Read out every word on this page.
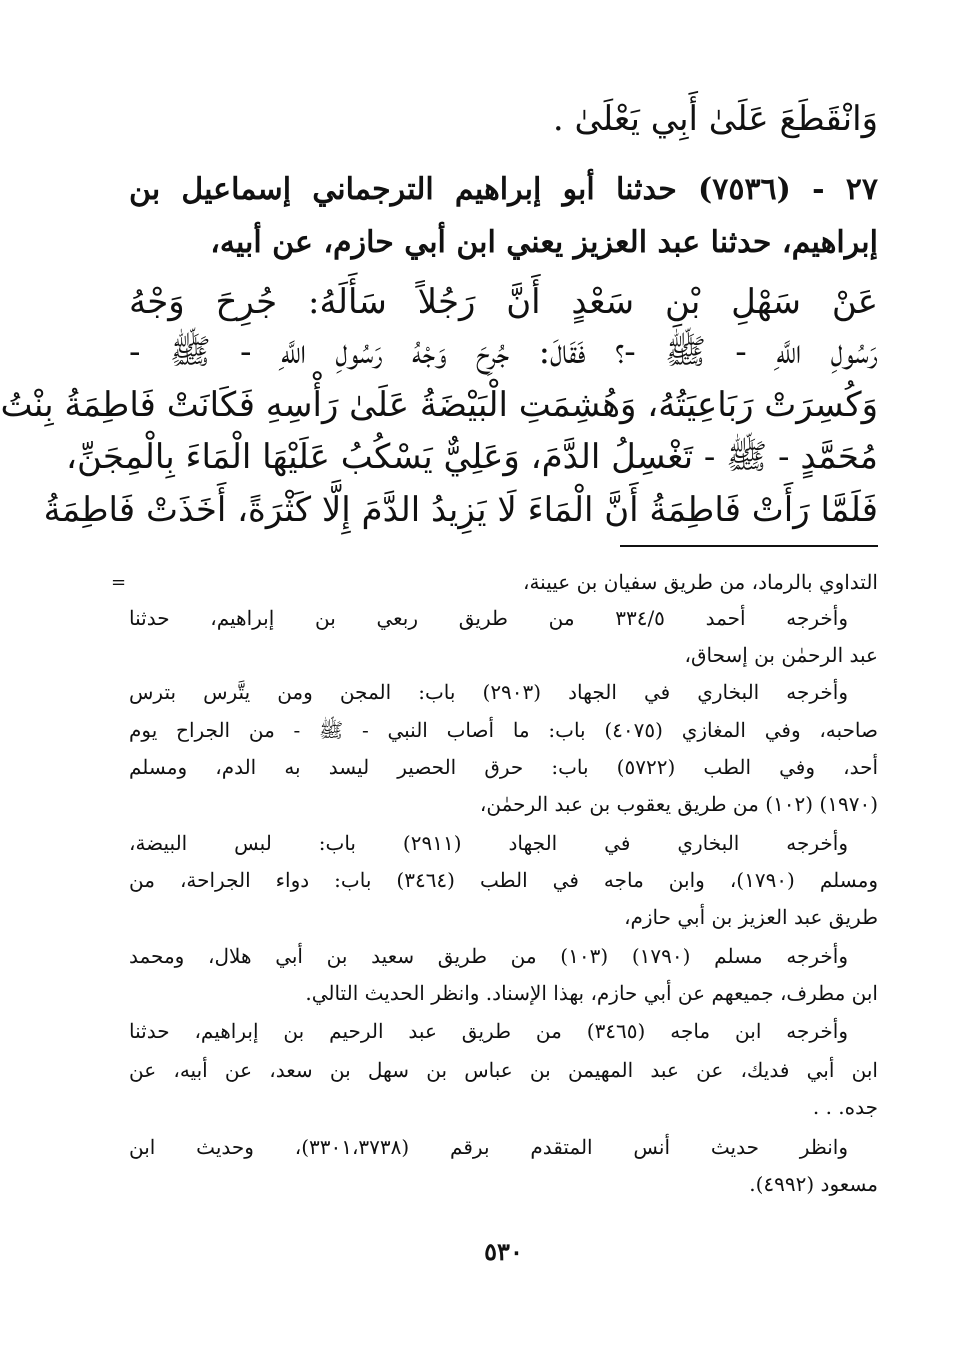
وَانْقَطَعَ عَلَىٰ أَبِي يَعْلَىٰ .
٢٧ - (٧٥٣٦) حدثنا أبو إبراهيم الترجماني إسماعيل بن
إبراهيم، حدثنا عبد العزيز يعني ابن أبي حازم، عن أبيه،
عَنْ سَهْلِ بْنِ سَعْدٍ أَنَّ رَجُلاً سَأَلَهُ: جُرِحَ وَجْهُ
رَسُولِ اللَّهِ - ﷺ -؟ فَقَالَ: جُرِحَ وَجْهُ رَسُولِ اللَّهِ - ﷺ -
وَكُسِرَتْ رَبَاعِيَتُهُ، وَهُشِمَتِ الْبَيْضَةُ عَلَىٰ رَأْسِهِ فَكَانَتْ فَاطِمَةُ بِنْتُ
مُحَمَّدٍ - ﷺ - تَغْسِلُ الدَّمَ، وَعَلِيٌّ يَسْكُبُ عَلَيْهَا الْمَاءَ بِالْمِجَنِّ،
فَلَمَّا رَأَتْ فَاطِمَةُ أَنَّ الْمَاءَ لَا يَزِيدُ الدَّمَ إِلَّا كَثْرَةً، أَخَذَتْ فَاطِمَةُ
=	التداوي بالرماد، من طريق سفيان بن عيينة،
وأخرجه أحمد ٣٣٤/٥ من طريق ربعي بن إبراهيم، حدثنا
عبد الرحمٰن بن إسحاق،
وأخرجه البخاري في الجهاد (٢٩٠٣) باب: المجن ومن يتَّرس بترس
صاحبه، وفي المغازي (٤٠٧٥) باب: ما أصاب النبي - ﷺ - من الجراح يوم
أحد، وفي الطب (٥٧٢٢) باب: حرق الحصير ليسد به الدم، ومسلم
(١٩٧٠) (١٠٢) من طريق يعقوب بن عبد الرحمٰن،
وأخرجه البخاري في الجهاد (٢٩١١) باب: لبس البيضة،
ومسلم (١٧٩٠)، وابن ماجه في الطب (٣٤٦٤) باب: دواء الجراحة، من
طريق عبد العزيز بن أبي حازم،
وأخرجه مسلم (١٧٩٠) (١٠٣) من طريق سعيد بن أبي هلال، ومحمد
ابن مطرف، جميعهم عن أبي حازم، بهذا الإسناد. وانظر الحديث التالي.
وأخرجه ابن ماجه (٣٤٦٥) من طريق عبد الرحيم بن إبراهيم، حدثنا
ابن أبي فديك، عن عبد المهيمن بن عباس بن سهل بن سعد، عن أبيه، عن
جده. . .
وانظر حديث أنس المتقدم برقم (٣٣٠١،٣٧٣٨)، وحديث ابن
مسعود (٤٩٩٢).
٥٣٠
